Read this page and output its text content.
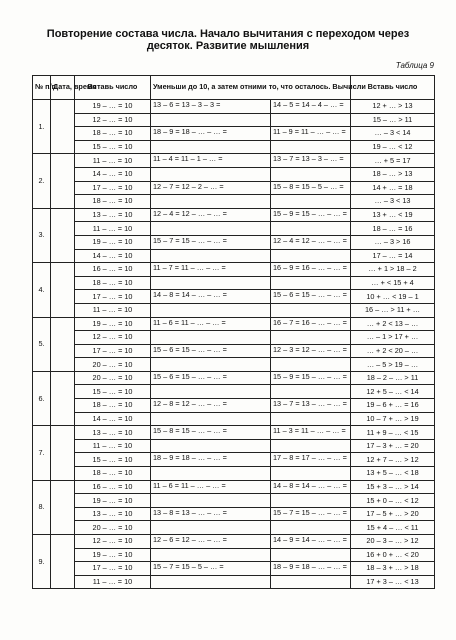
Повторение состава числа. Начало вычитания с переходом через десяток. Развитие мышления
Таблица 9
№ п/п	Дата, время	Вставь число	Уменьши до 10, а затем отними то, что осталось. Вычисли		Вставь число
1.		19 – … = 10	13 – 6 = 13 – 3 – 3 =	14 – 5 = 14 – 4 – … =	12 + … > 13
		12 – … = 10			15 – … > 11
		18 – … = 10	18 – 9 = 18 – … – … =	11 – 9 = 11 – … – … =	… – 3 < 14
		15 – … = 10			19 – … < 12
2.		11 – … = 10	11 – 4 = 11 – 1 – … =	13 – 7 = 13 – 3 – … =	… + 5 = 17
		14 – … = 10			18 – … > 13
		17 – … = 10	12 – 7 = 12 – 2 – … =	15 – 8 = 15 – 5 – … =	14 + … = 18
		18 – … = 10			… – 3 < 13
3.		13 – … = 10	12 – 4 = 12 – … – … =	15 – 9 = 15 – … – … =	13 + … < 19
		11 – … = 10			18 – … = 16
		19 – … = 10	15 – 7 = 15 – … – … =	12 – 4 = 12 – … – … =	… – 3 > 16
		14 – … = 10			17 – … = 14
4.		16 – … = 10	11 – 7 = 11 – … – … =	16 – 9 = 16 – … – … =	… + 1 > 18 – 2
		18 – … = 10			… + < 15 + 4
		17 – … = 10	14 – 8 = 14 – … – … =	15 – 6 = 15 – … – … =	10 + … < 19 – 1
		11 – … = 10			16 – … > 11 + …
5.		19 – … = 10	11 – 6 = 11 – … – … =	16 – 7 = 16 – … – … =	… + 2 < 13 – …
		12 – … = 10			… – 1 > 17 + …
		17 – … = 10	15 – 6 = 15 – … – … =	12 – 3 = 12 – … – … =	… + 2 < 20 – …
		20 – … = 10			… – 5 > 19 – …
6.		20 – … = 10	15 – 6 = 15 – … – … =	15 – 9 = 15 – … – … =	18 – 2 – … > 11
		15 – … = 10			12 + 5 – … < 14
		18 – … = 10	12 – 8 = 12 – … – … =	13 – 7 = 13 – … – … =	19 – 6 + … = 16
		14 – … = 10			10 – 7 + … > 19
7.		13 – … = 10	15 – 8 = 15 – … – … =	11 – 3 = 11 – … – … =	11 + 9 – … < 15
		11 – … = 10			17 – 3 + … = 20
		15 – … = 10	18 – 9 = 18 – … – … =	17 – 8 = 17 – … – … =	12 + 7 – … > 12
		18 – … = 10			13 + 5 – … < 18
8.		16 – … = 10	11 – 6 = 11 – … – … =	14 – 8 = 14 – … – … =	15 + 3 – … > 14
		19 – … = 10			15 + 0 – … < 12
		13 – … = 10	13 – 8 = 13 – … – … =	15 – 7 = 15 – … – … =	17 – 5 + … > 20
		20 – … = 10			15 + 4 – … < 11
9.		12 – … = 10	12 – 6 = 12 – … – … =	14 – 9 = 14 – … – … =	20 – 3 – … > 12
		19 – … = 10			16 + 0 + … < 20
		17 – … = 10	15 – 7 = 15 – 5 – … =	18 – 9 = 18 – … – … =	18 – 3 + … > 18
		11 – … = 10			17 + 3 – … < 13
